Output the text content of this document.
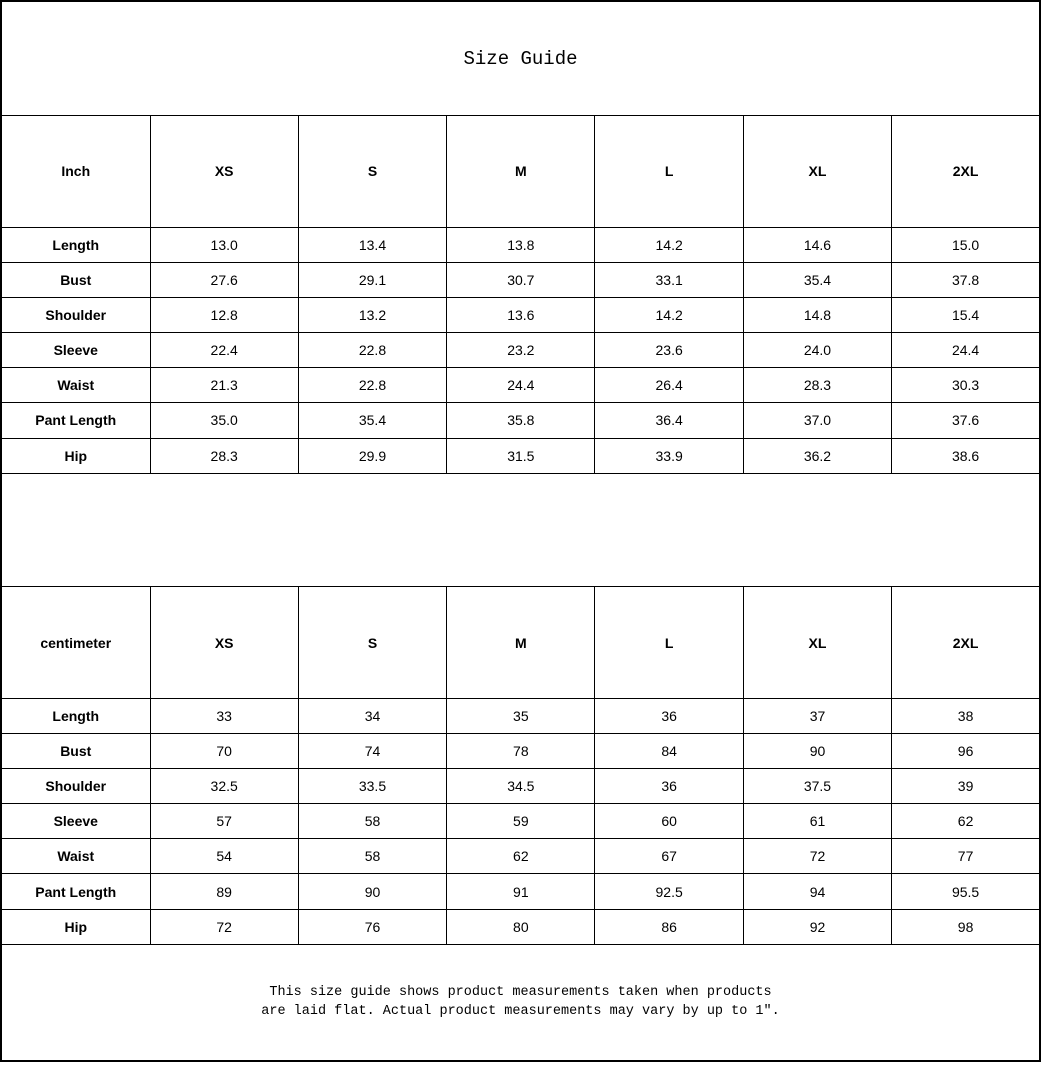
Size Guide						
Inch	XS	S	M	L	XL	2XL
Length	13.0	13.4	13.8	14.2	14.6	15.0
Bust	27.6	29.1	30.7	33.1	35.4	37.8
Shoulder	12.8	13.2	13.6	14.2	14.8	15.4
Sleeve	22.4	22.8	23.2	23.6	24.0	24.4
Waist	21.3	22.8	24.4	26.4	28.3	30.3
Pant Length	35.0	35.4	35.8	36.4	37.0	37.6
Hip	28.3	29.9	31.5	33.9	36.2	38.6

centimeter	XS	S	M	L	XL	2XL
Length	33	34	35	36	37	38
Bust	70	74	78	84	90	96
Shoulder	32.5	33.5	34.5	36	37.5	39
Sleeve	57	58	59	60	61	62
Waist	54	58	62	67	72	77
Pant Length	89	90	91	92.5	94	95.5
Hip	72	76	80	86	92	98

This size guide shows product measurements taken when products
are laid flat. Actual product measurements may vary by up to 1″.						
